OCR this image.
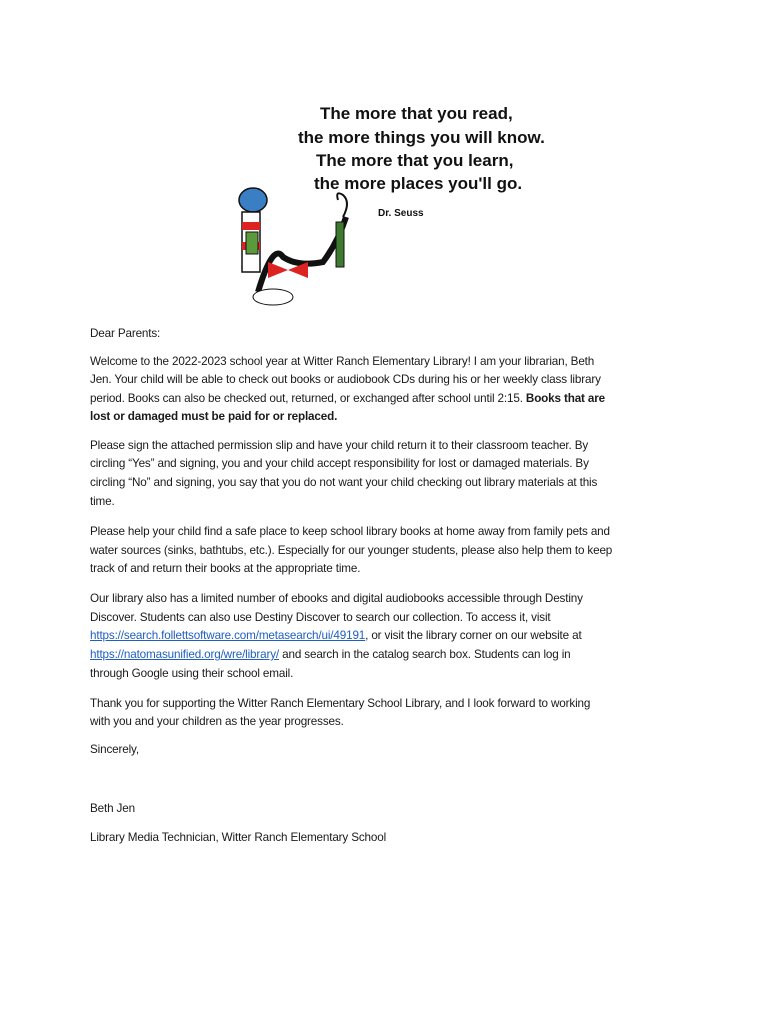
The more that you read,
the more things you will know.
The more that you learn,
the more places you'll go.
Dr. Seuss
Dear Parents:
Welcome to the 2022-2023 school year at Witter Ranch Elementary Library! I am your librarian, Beth
Jen. Your child will be able to check out books or audiobook CDs during his or her weekly class library
period. Books can also be checked out, returned, or exchanged after school until 2:15. Books that are
lost or damaged must be paid for or replaced.
Please sign the attached permission slip and have your child return it to their classroom teacher. By
circling “Yes” and signing, you and your child accept responsibility for lost or damaged materials. By
circling “No” and signing, you say that you do not want your child checking out library materials at this
time.
Please help your child find a safe place to keep school library books at home away from family pets and
water sources (sinks, bathtubs, etc.). Especially for our younger students, please also help them to keep
track of and return their books at the appropriate time.
Our library also has a limited number of ebooks and digital audiobooks accessible through Destiny
Discover. Students can also use Destiny Discover to search our collection. To access it, visit
https://search.follettsoftware.com/metasearch/ui/49191, or visit the library corner on our website at
https://natomasunified.org/wre/library/ and search in the catalog search box. Students can log in
through Google using their school email.
Thank you for supporting the Witter Ranch Elementary School Library, and I look forward to working
with you and your children as the year progresses.
Sincerely,
Beth Jen
Library Media Technician, Witter Ranch Elementary School
